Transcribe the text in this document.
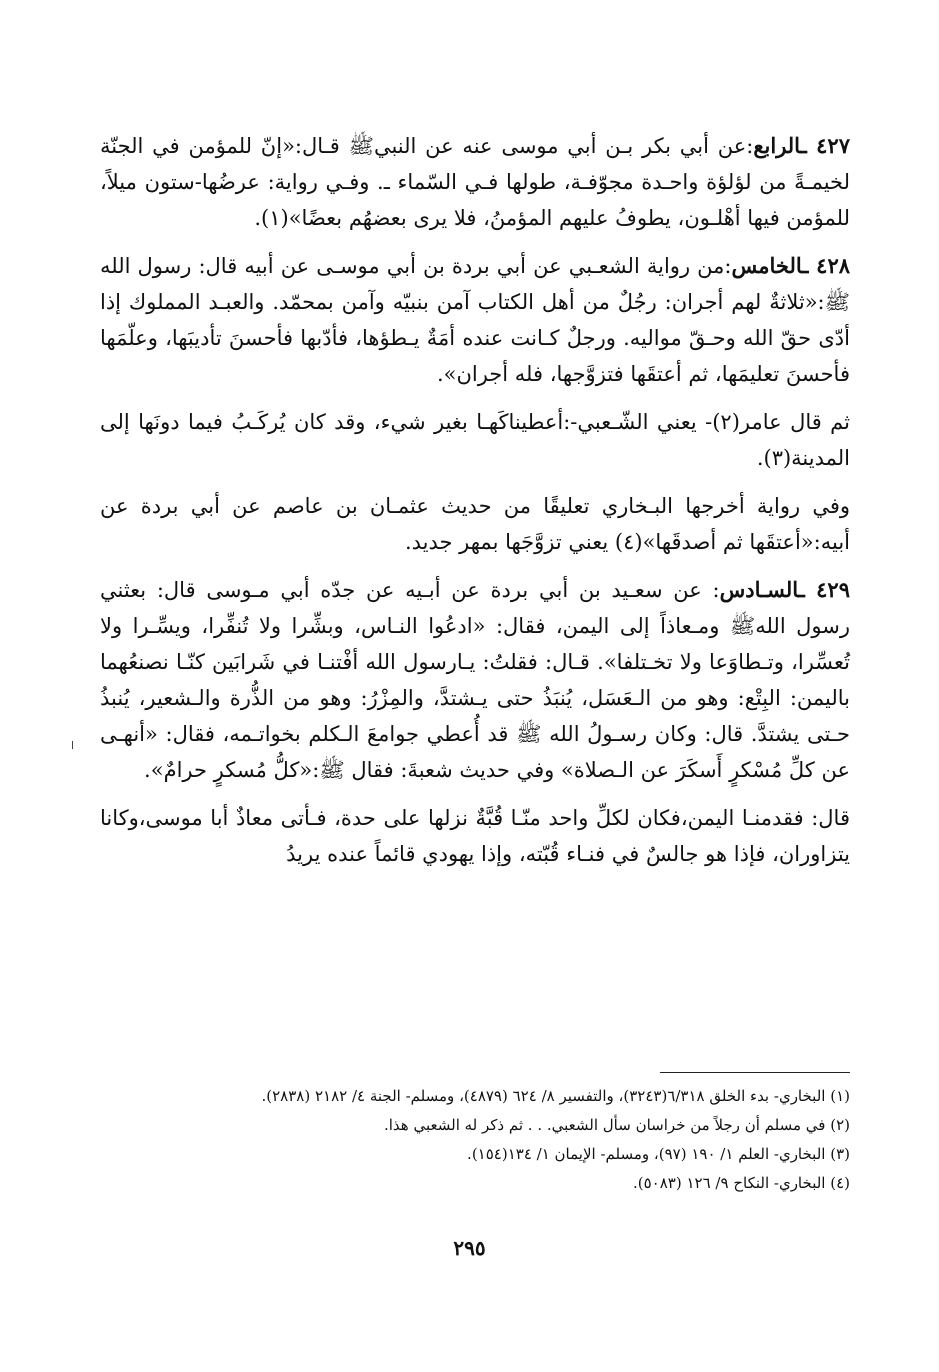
٤٢٧ ـالرابع:عن أبي بكر بـن أبي موسى عنه عن النبيﷺ قـال:«إنّ للمؤمن في الجنّة لخيمـةً من لؤلؤة واحـدة مجوّفـة، طولها فـي السّماء ـ. وفـي رواية: عرضُها-ستون ميلاً، للمؤمن فيها أهْلـون، يطوفُ عليهم المؤمنُ، فلا يرى بعضهُم بعضًا»(١).

٤٢٨ ـالخامس:من رواية الشعـبي عن أبي بردة بن أبي موسـى عن أبيه قال: رسول الله ﷺ:«ثلاثةٌ لهم أجران: رجُلٌ من أهل الكتاب آمن بنبيّه وآمن بمحمّد. والعبـد المملوك إذا أدّى حقّ الله وحـقّ مواليه. ورجلٌ كـانت عنده أمَةٌ يـطؤها، فأدّبها فأحسنَ تأديبَها، وعلّمَها فأحسنَ تعليمَها، ثم أعتقَها فتزوَّجها، فله أجران».

ثم قال عامر(٢)- يعني الشّـعبي-:أعطيناكَهـا بغير شيء، وقد كان يُركَـبُ فيما دونَها إلى المدينة(٣).

وفي رواية أخرجها البـخاري تعليقًا من حديث عثمـان بن عاصم عن أبي بردة عن أبيه:«أعتقَها ثم أصدقَها»(٤) يعني تزوَّجَها بمهر جديد.

٤٢٩ ـالسـادس: عن سعـيد بن أبي بردة عن أبـيه عن جدّه أبي مـوسى قال: بعثني رسول اللهﷺ ومـعاذاً إلى اليمن، فقال: «ادعُوا النـاس، وبشِّرا ولا تُنفِّرا، ويسِّـرا ولا تُعسِّرا، وتـطاوَعا ولا تخـتلفا». قـال: فقلتُ: يـارسول الله أفْتنـا في شَرابَين كنّـا نصنعُهما باليمن: البِتْع: وهو من الـعَسَل، يُنبَذُ حتى يـشتدَّ، والمِزْرُ: وهو من الذُّرة والـشعير، يُنبذُ حـتى يشتدَّ. قال: وكان رسـولُ الله ﷺ قد أُعطي جوامعَ الـكلم بخواتـمه، فقال: «أنهـى عن كلِّ مُسْكرٍ أَسكَرَ عن الـصلاة» وفي حديث شعبةَ: فقال ﷺ:«كلُّ مُسكرٍ حرامٌ».

قال: فقدمنـا اليمن،فكان لكلِّ واحد منّـا قُبَّةٌ نزلها على حدة، فـأتى معاذٌ أبا موسى،وكانا يتزاوران، فإذا هو جالسٌ في فنـاء قُبّته، وإذا يهودي قائماً عنده يريدُ

(١) البخاري- بدء الخلق ٦/٣١٨(٣٢٤٣)، والتفسير ٨/ ٦٢٤ (٤٨٧٩)، ومسلم- الجنة ٤/ ٢١٨٢ (٢٨٣٨).

(٢) في مسلم أن رجلاً من خراسان سأل الشعبي. . . ثم ذكر له الشعبي هذا.

(٣) البخاري- العلم ١/ ١٩٠ (٩٧)، ومسلم- الإيمان ١/ ١٣٤(١٥٤).

(٤) البخاري- النكاح ٩/ ١٢٦ (٥٠٨٣).

٢٩٥
